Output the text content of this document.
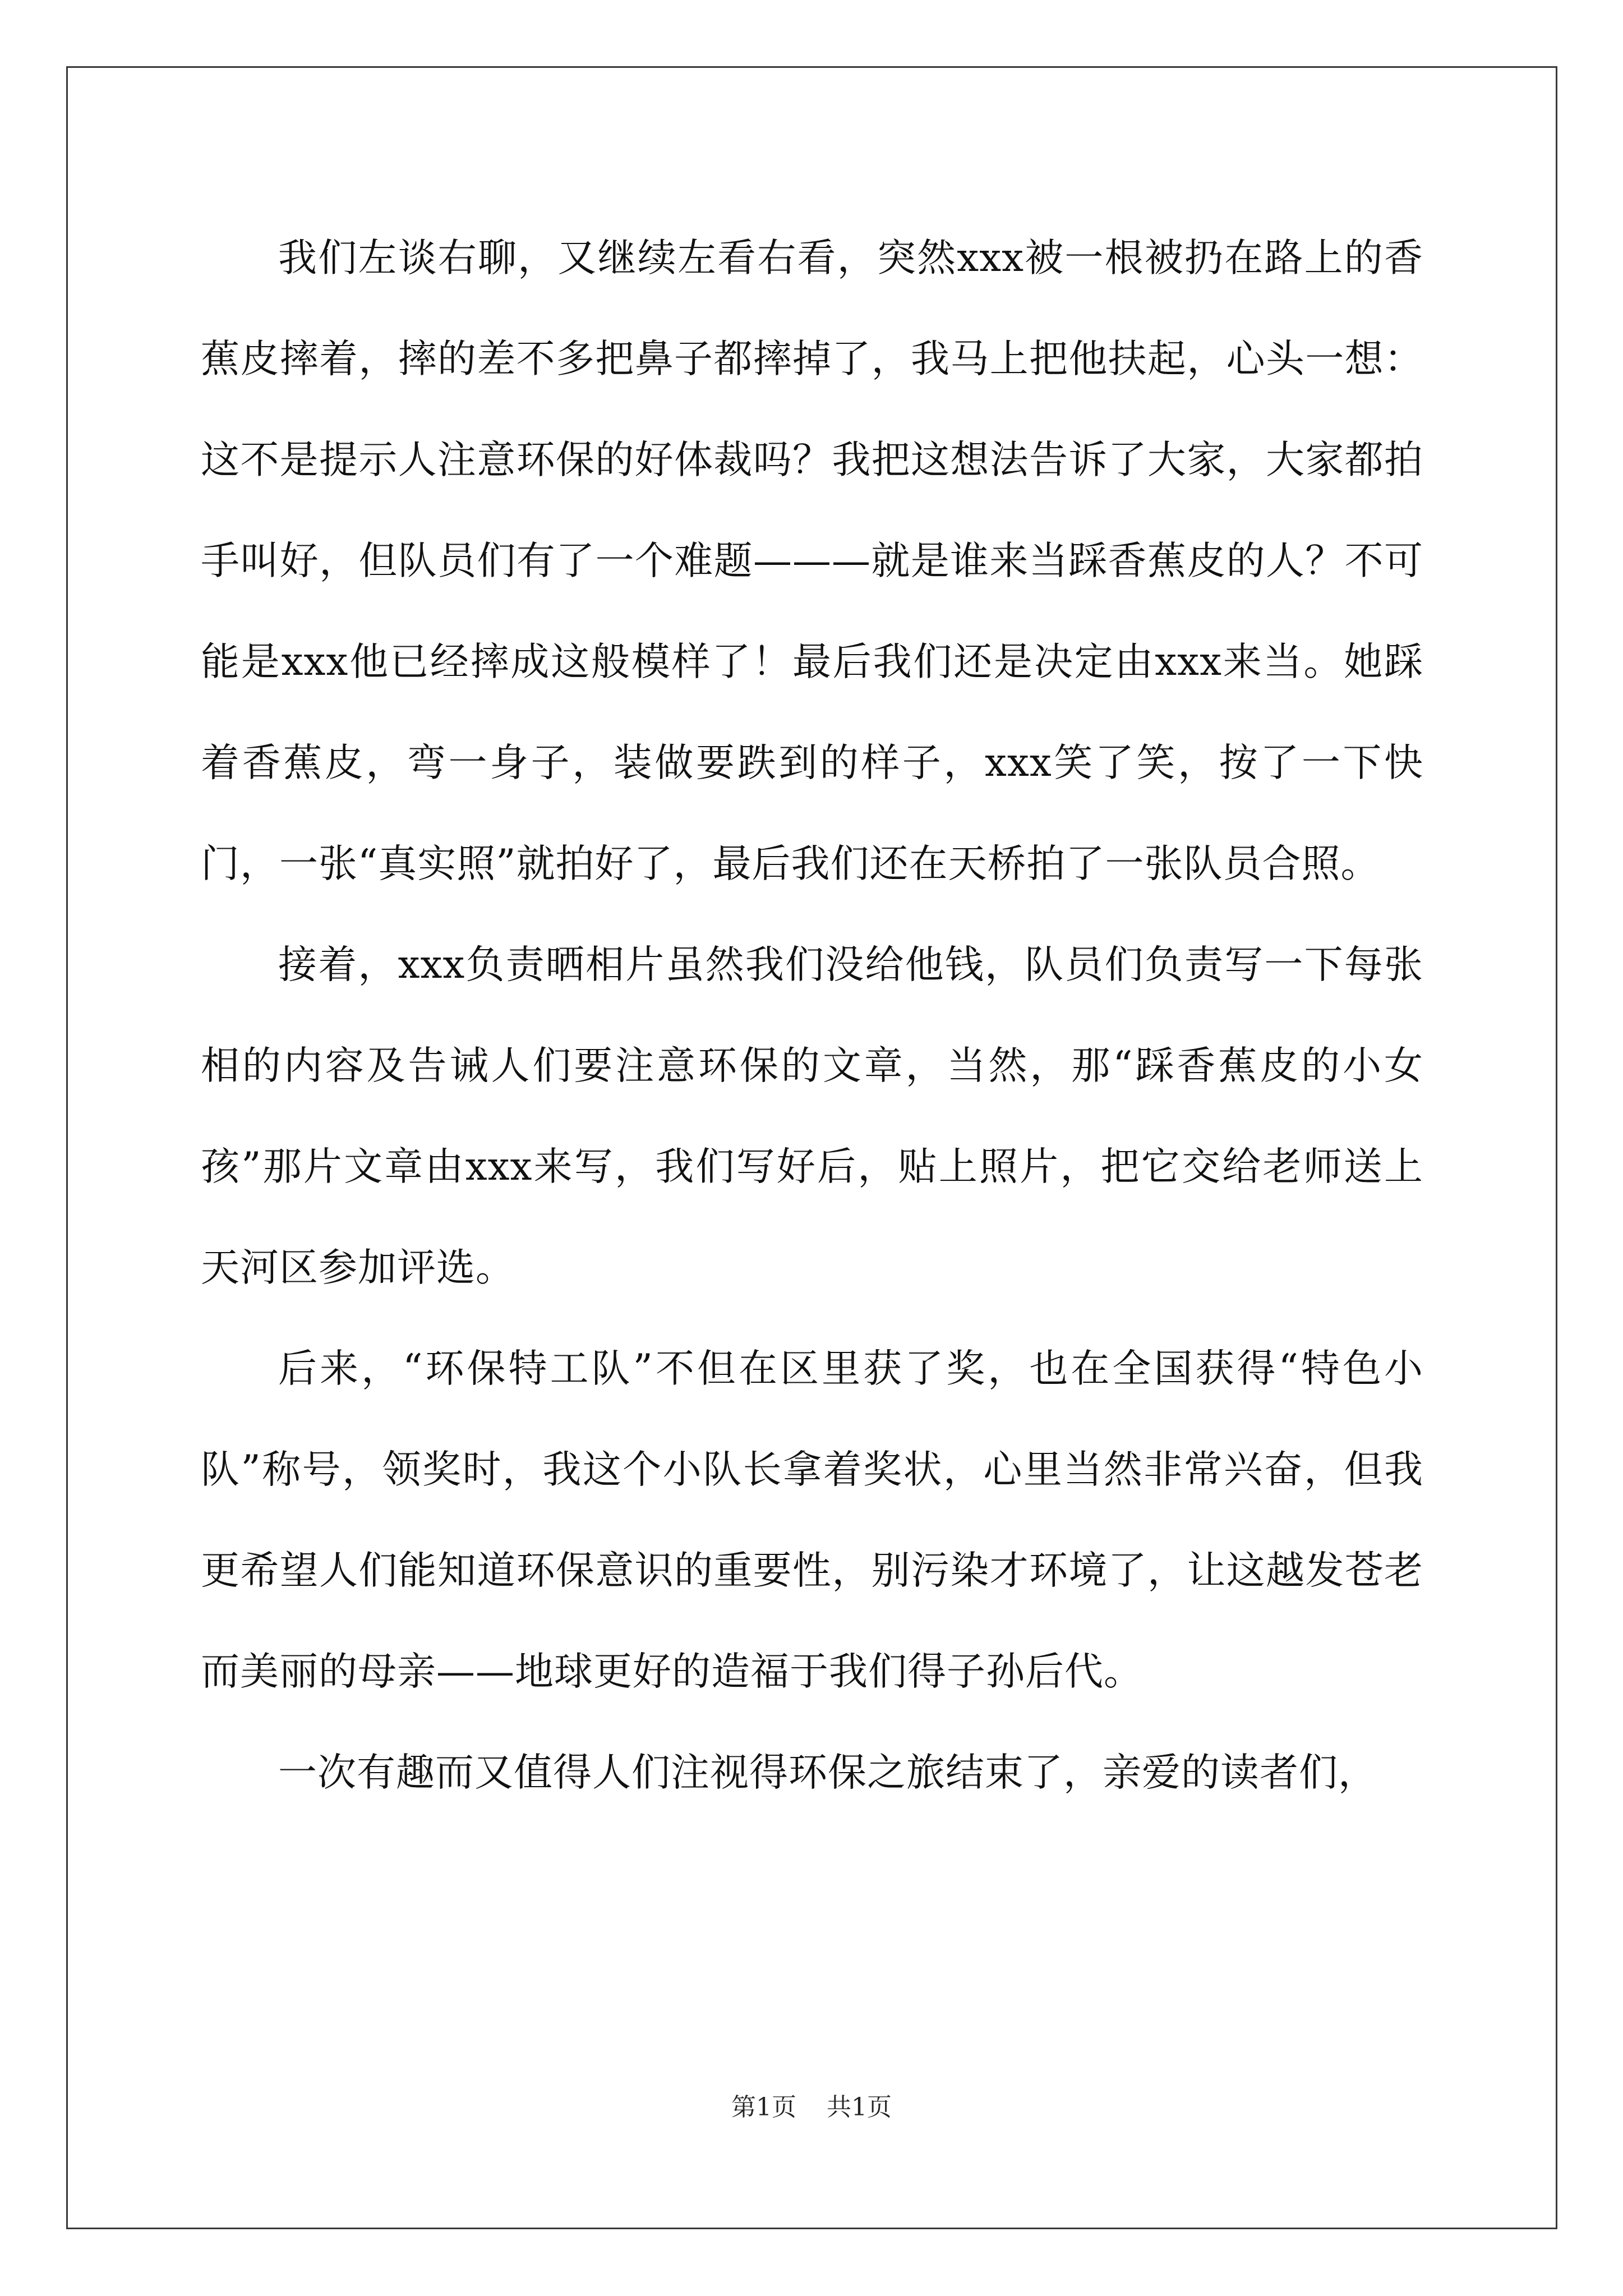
我们左谈右聊，又继续左看右看，突然xxx被一根被扔在路上的香蕉皮摔着，摔的差不多把鼻子都摔掉了，我马上把他扶起，心头一想：这不是提示人注意环保的好体裁吗？我把这想法告诉了大家，大家都拍手叫好，但队员们有了一个难题———就是谁来当踩香蕉皮的人？不可能是xxx他已经摔成这般模样了！最后我们还是决定由xxx来当。她踩着香蕉皮，弯一身子，装做要跌到的样子，xxx笑了笑，按了一下快门，一张“真实照”就拍好了，最后我们还在天桥拍了一张队员合照。

接着，xxx负责晒相片虽然我们没给他钱，队员们负责写一下每张相的内容及告诫人们要注意环保的文章，当然，那“踩香蕉皮的小女孩”那片文章由xxx来写，我们写好后，贴上照片，把它交给老师送上天河区参加评选。

后来，“环保特工队”不但在区里获了奖，也在全国获得“特色小队”称号，领奖时，我这个小队长拿着奖状，心里当然非常兴奋，但我更希望人们能知道环保意识的重要性，别污染才环境了，让这越发苍老而美丽的母亲——地球更好的造福于我们得子孙后代。

一次有趣而又值得人们注视得环保之旅结束了，亲爱的读者们，

第1页 共1页
